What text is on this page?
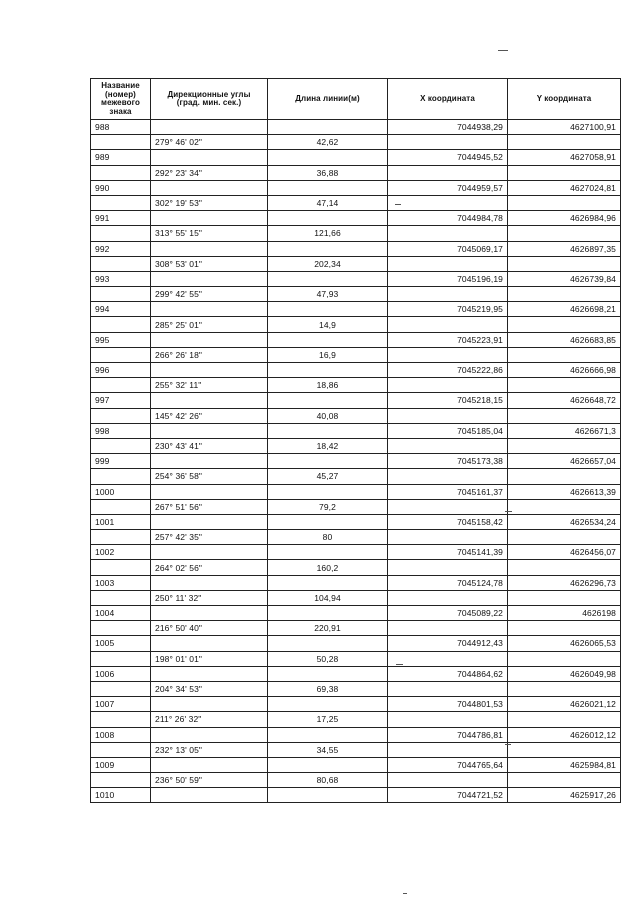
Название (номер) межевого знака	Дирекционные углы (град. мин. сек.)	Длина линии(м)	X координата	Y координата
988			7044938,29	4627100,91
	279° 46' 02"	42,62		
989			7044945,52	4627058,91
	292° 23' 34"	36,88		
990			7044959,57	4627024,81
	302° 19' 53"	47,14		
991			7044984,78	4626984,96
	313° 55' 15"	121,66		
992			7045069,17	4626897,35
	308° 53' 01"	202,34		
993			7045196,19	4626739,84
	299° 42' 55"	47,93		
994			7045219,95	4626698,21
	285° 25' 01"	14,9		
995			7045223,91	4626683,85
	266° 26' 18"	16,9		
996			7045222,86	4626666,98
	255° 32' 11"	18,86		
997			7045218,15	4626648,72
	145° 42' 26"	40,08		
998			7045185,04	4626671,3
	230° 43' 41"	18,42		
999			7045173,38	4626657,04
	254° 36' 58"	45,27		
1000			7045161,37	4626613,39
	267° 51' 56"	79,2		
1001			7045158,42	4626534,24
	257° 42' 35"	80		
1002			7045141,39	4626456,07
	264° 02' 56"	160,2		
1003			7045124,78	4626296,73
	250° 11' 32"	104,94		
1004			7045089,22	4626198
	216° 50' 40"	220,91		
1005			7044912,43	4626065,53
	198° 01' 01"	50,28		
1006			7044864,62	4626049,98
	204° 34' 53"	69,38		
1007			7044801,53	4626021,12
	211° 26' 32"	17,25		
1008			7044786,81	4626012,12
	232° 13' 05"	34,55		
1009			7044765,64	4625984,81
	236° 50' 59"	80,68		
1010			7044721,52	4625917,26
